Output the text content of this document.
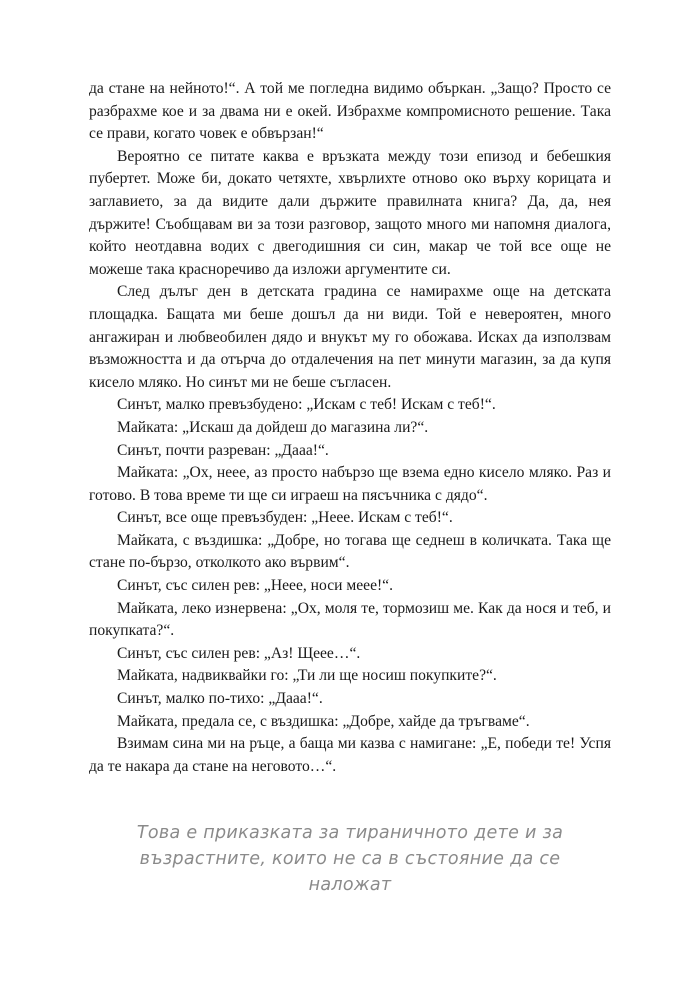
да стане на нейното!“. А той ме погледна видимо объркан. „Защо? Просто се разбрахме кое и за двама ни е окей. Избрахме компромисното решение. Така се прави, когато човек е обвързан!“

Вероятно се питате каква е връзката между този епизод и бебешкия пубертет. Може би, докато четяхте, хвърлихте отново око върху корицата и заглавието, за да видите дали държите правилната книга? Да, да, нея държите! Съобщавам ви за този разговор, защото много ми напомня диалога, който неотдавна водих с двегодишния си син, макар че той все още не можеше така красноречиво да изложи аргументите си.

След дълъг ден в детската градина се намирахме още на детската площадка. Бащата ми беше дошъл да ни види. Той е невероятен, много ангажиран и любвеобилен дядо и внукът му го обожава. Исках да използвам възможността и да отърча до отдалечения на пет минути магазин, за да купя кисело мляко. Но синът ми не беше съгласен.

Синът, малко превъзбудено: „Искам с теб! Искам с теб!“.

Майката: „Искаш да дойдеш до магазина ли?“.

Синът, почти разреван: „Дааа!“.

Майката: „Ох, неее, аз просто набързо ще взема едно кисело мляко. Раз и готово. В това време ти ще си играеш на пясъчника с дядо“.

Синът, все още превъзбуден: „Неее. Искам с теб!“.

Майката, с въздишка: „Добре, но тогава ще седнеш в количката. Така ще стане по-бързо, отколкото ако вървим“.

Синът, със силен рев: „Неее, носи мееe!“.

Майката, леко изнервена: „Ох, моля те, тормозиш ме. Как да нося и теб, и покупката?“.

Синът, със силен рев: „Аз! Щеее…“.

Майката, надвиквайки го: „Ти ли ще носиш покупките?“.

Синът, малко по-тихо: „Дааа!“.

Майката, предала се, с въздишка: „Добре, хайде да тръгваме“.

Взимам сина ми на ръце, а баща ми казва с намигане: „Е, победи те! Успя да те накара да стане на неговото…“.

Това е приказката за тираничното дете и за възрастните, които не са в състояние да се наложат
